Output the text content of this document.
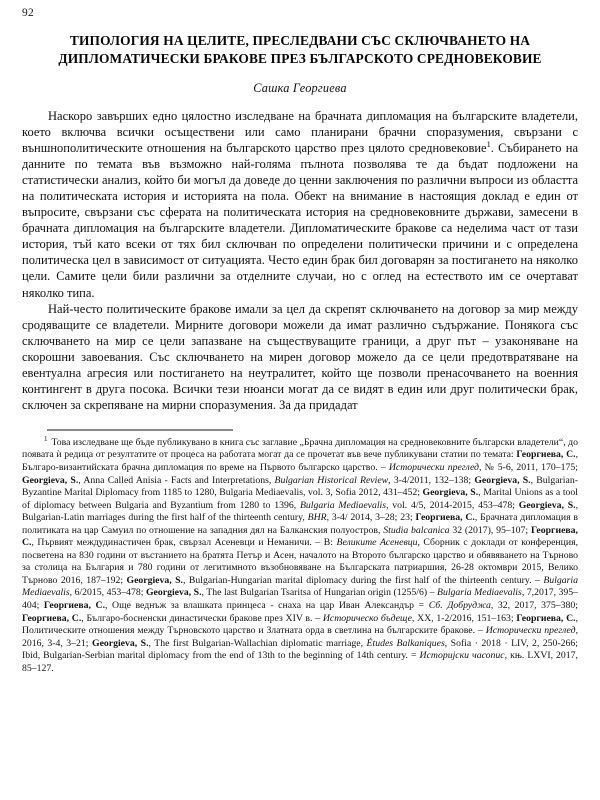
92
ТИПОЛОГИЯ НА ЦЕЛИТЕ, ПРЕСЛЕДВАНИ СЪС СКЛЮЧВАНЕТО НА ДИПЛОМАТИЧЕСКИ БРАКОВЕ ПРЕЗ БЪЛГАРСКОТО СРЕДНОВЕКОВИЕ
Сашка Георгиева

Наскоро завърших едно цялостно изследване на брачната дипломация на българските владетели, което включва всички осъществени или само планирани брачни споразумения, свързани с външнополитическите отношения на българското царство през цялото средновековие$^1$. Събирането на данните по темата във възможно най-голяма пълнота позволява те да бъдат подложени на статистически анализ, който би могъл да доведе до ценни заключения по различни въпроси из областта на политическата история и историята на пола. Обект на внимание в настоящия доклад е един от въпросите, свързани със сферата на политическата история на средновековните държави, замесени в брачната дипломация на българските владетели. Дипломатическите бракове са неделима част от тази история, тъй като всеки от тях бил сключван по определени политически причини и с определена политическа цел в зависимост от ситуацията. Често един брак бил договарян за постигането на няколко цели. Самите цели били различни за отделните случаи, но с оглед на естеството им се очертават няколко типа.

Най-често политическите бракове имали за цел да скрепят сключването на договор за мир между сродяващите се владетели. Мирните договори можели да имат различно съдържание. Понякога със сключването на мир се цели запазване на съществуващите граници, а друг път – узаконяване на скорошни завоевания. Със сключването на мирен договор можело да се цели предотвратяване на евентуална агресия или постигането на неутралитет, който ще позволи пренасочването на военния контингент в друга посока. Всички тези нюанси могат да се видят в един или друг политически брак, сключен за скрепяване на мирни споразумения. За да придадат

$^1$ Това изследване ще бъде публикувано в книга със заглавие „Брачна дипломация на средновековните български владетели“, до появата ѝ редица от резултатите от процеса на работата могат да се прочетат във вече публикувани статии по темата: Георгиева, С., Българо-византийската брачна дипломация по време на Първото българско царство. – Исторически преглед, № 5-6, 2011, 170–175; Georgieva, S., Anna Called Anisia - Facts and Interpretations, Bulgarian Historical Review, 3-4/2011, 132–138; Georgieva, S., Bulgarian-Byzantine Marital Diplomacy from 1185 to 1280, Bulgaria Mediaevalis, vol. 3, Sofia 2012, 431–452; Georgieva, S., Marital Unions as a tool of diplomacy between Bulgaria and Byzantium from 1280 to 1396, Bulgaria Mediaevalis, vol. 4/5, 2014-2015, 453–478; Georgieva, S., Bulgarian-Latin marriages during the first half of the thirteenth century, BHR, 3-4/ 2014, 3–28; 23; Георгиева, С., Брачната дипломация в политиката на цар Самуил по отношение на западния дял на Балканския полуостров, Studia balcanica 32 (2017), 95–107; Георгиева, С., Първият междудинастичен брак, свързал Асеневци и Неманичи. – В: Великите Асеневци, Сборник с доклади от конференция, посветена на 830 години от въстанието на братята Петър и Асен, началото на Второто българско царство и обявяването на Търново за столица на България и 780 години от легитимното възобновяване на Българската патриаршия, 26-28 октомври 2015, Велико Търново 2016, 187–192; Georgieva, S., Bulgarian-Hungarian marital diplomacy during the first half of the thirteenth century. – Bulgaria Mediaevalis, 6/2015, 453–478; Georgieva, S., The last Bulgarian Tsaritsa of Hungarian origin (1255/6) – Bulgaria Mediaevalis, 7,2017, 395–404; Георгиева, С., Още веднъж за влашката принцеса - снаха на цар Иван Александър = Сб. Добруджа, 32, 2017, 375–380; Георгиева, С., Българо-босненски династически бракове през XIV в. – Историческо бъдеще, XX, 1-2/2016, 151–163; Георгиева, С., Политическите отношения между Търновското царство и Златната орда в светлина на българските бракове. – Исторически преглед, 2016, 3-4, 3–21; Georgieva, S., The first Bulgarian-Wallachian diplomatic marriage, Études Balkaniques, Sofia · 2018 · LIV, 2, 250-266; Ibid, Bulgarian-Serbian marital diplomacy from the end of 13th to the beginning of 14th century. = Историјски часопис, књ. LXVI, 2017, 85–127.
